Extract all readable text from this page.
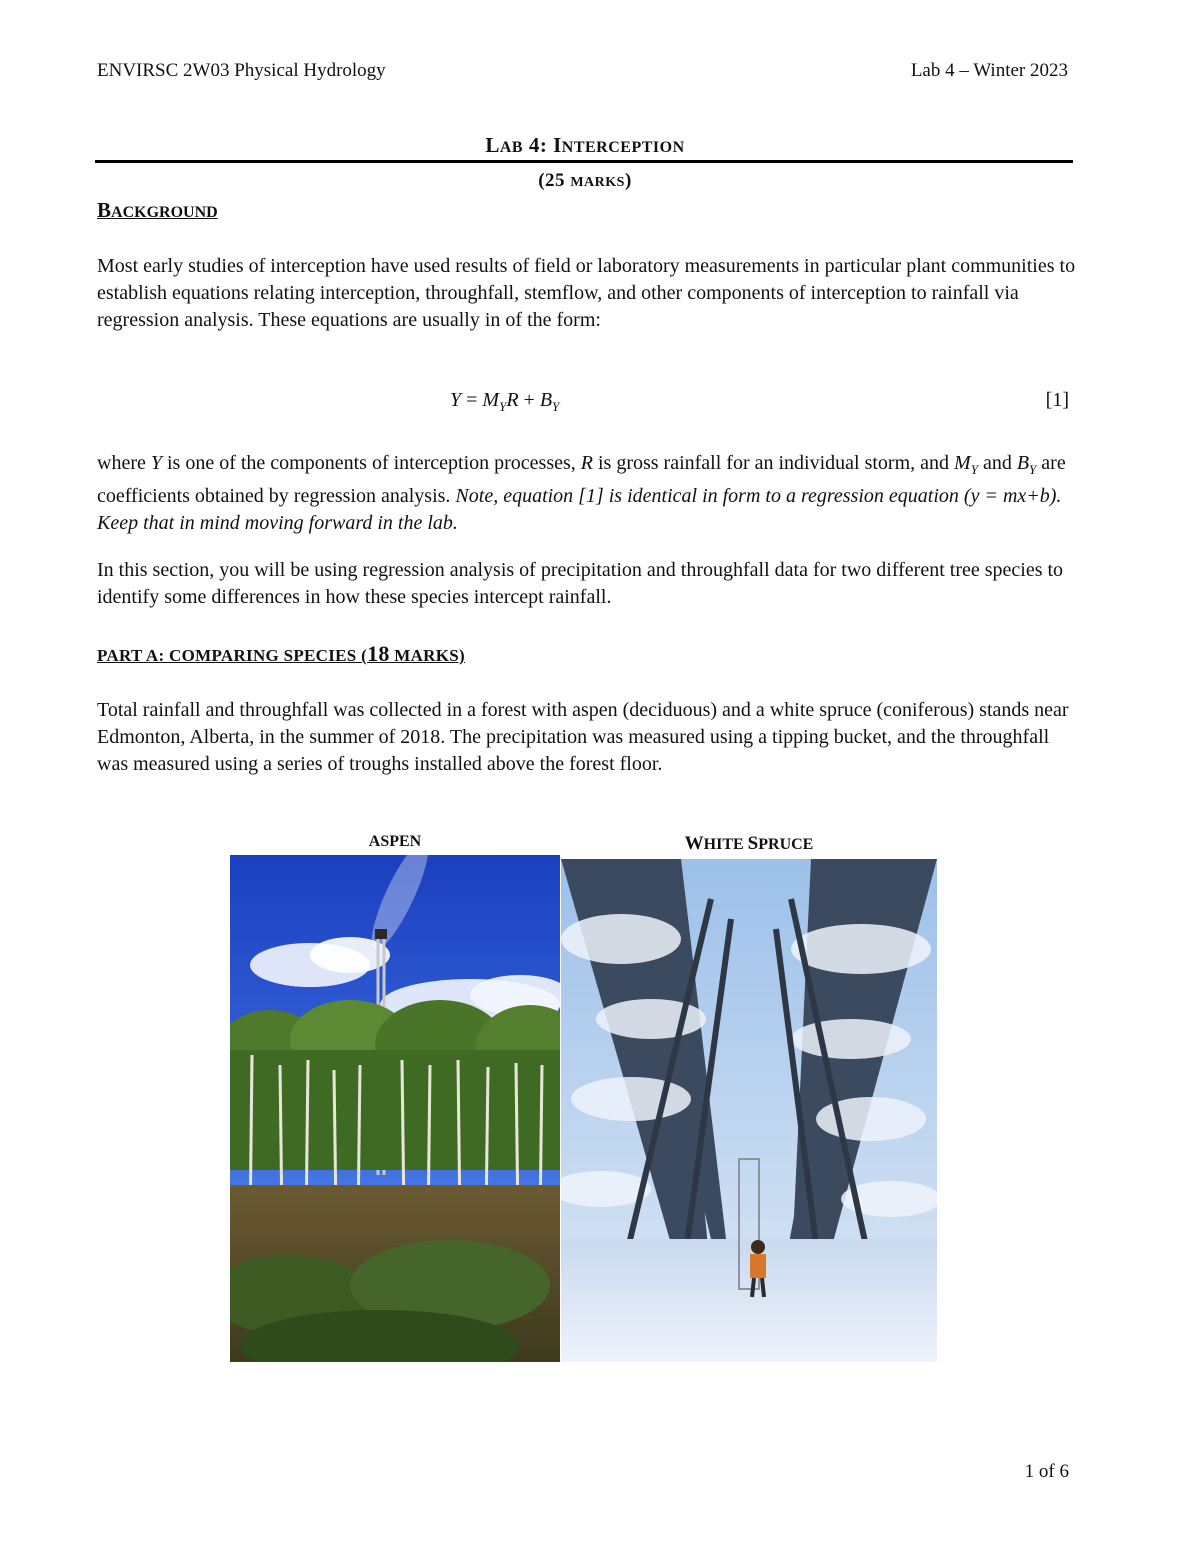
ENVIRSC 2W03 Physical Hydrology	Lab 4 – Winter 2023
LAB 4: INTERCEPTION
(25 MARKS)
BACKGROUND
Most early studies of interception have used results of field or laboratory measurements in particular plant communities to establish equations relating interception, throughfall, stemflow, and other components of interception to rainfall via regression analysis. These equations are usually in of the form:
$Y = M_YR + B_Y$	[1]
where Y is one of the components of interception processes, R is gross rainfall for an individual storm, and $M_Y$ and $B_Y$ are coefficients obtained by regression analysis. Note, equation [1] is identical in form to a regression equation (y = mx+b). Keep that in mind moving forward in the lab.
In this section, you will be using regression analysis of precipitation and throughfall data for two different tree species to identify some differences in how these species intercept rainfall.
PART A: COMPARING SPECIES (18 MARKS)
Total rainfall and throughfall was collected in a forest with aspen (deciduous) and a white spruce (coniferous) stands near Edmonton, Alberta, in the summer of 2018. The precipitation was measured using a tipping bucket, and the throughfall was measured using a series of troughs installed above the forest floor.
ASPEN	WHITE SPRUCE
1 of 6
